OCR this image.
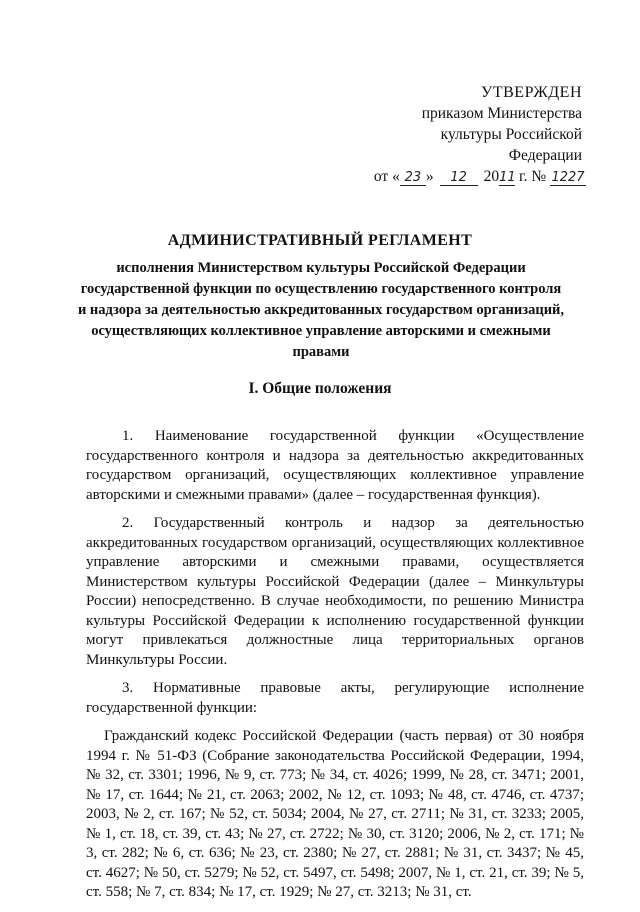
УТВЕРЖДЕН
приказом Министерства
культуры Российской
Федерации
от « 23 » 12 2011 г. № 1227
АДМИНИСТРАТИВНЫЙ РЕГЛАМЕНТ
исполнения Министерством культуры Российской Федерации государственной функции по осуществлению государственного контроля и надзора за деятельностью аккредитованных государством организаций, осуществляющих коллективное управление авторскими и смежными правами
I. Общие положения

1. Наименование государственной функции «Осуществление государственного контроля и надзора за деятельностью аккредитованных государством организаций, осуществляющих коллективное управление авторскими и смежными правами» (далее – государственная функция).

2. Государственный контроль и надзор за деятельностью аккредитованных государством организаций, осуществляющих коллективное управление авторскими и смежными правами, осуществляется Министерством культуры Российской Федерации (далее – Минкультуры России) непосредственно. В случае необходимости, по решению Министра культуры Российской Федерации к исполнению государственной функции могут привлекаться должностные лица территориальных органов Минкультуры России.

3. Нормативные правовые акты, регулирующие исполнение государственной функции:

Гражданский кодекс Российской Федерации (часть первая) от 30 ноября 1994 г. № 51-ФЗ (Собрание законодательства Российской Федерации, 1994, № 32, ст. 3301; 1996, № 9, ст. 773; № 34, ст. 4026; 1999, № 28, ст. 3471; 2001, № 17, ст. 1644; № 21, ст. 2063; 2002, № 12, ст. 1093; № 48, ст. 4746, ст. 4737; 2003, № 2, ст. 167; № 52, ст. 5034; 2004, № 27, ст. 2711; № 31, ст. 3233; 2005, № 1, ст. 18, ст. 39, ст. 43; № 27, ст. 2722; № 30, ст. 3120; 2006, № 2, ст. 171; № 3, ст. 282; № 6, ст. 636; № 23, ст. 2380; № 27, ст. 2881; № 31, ст. 3437; № 45, ст. 4627; № 50, ст. 5279; № 52, ст. 5497, ст. 5498; 2007, № 1, ст. 21, ст. 39; № 5, ст. 558; № 7, ст. 834; № 17, ст. 1929; № 27, ст. 3213; № 31, ст.
